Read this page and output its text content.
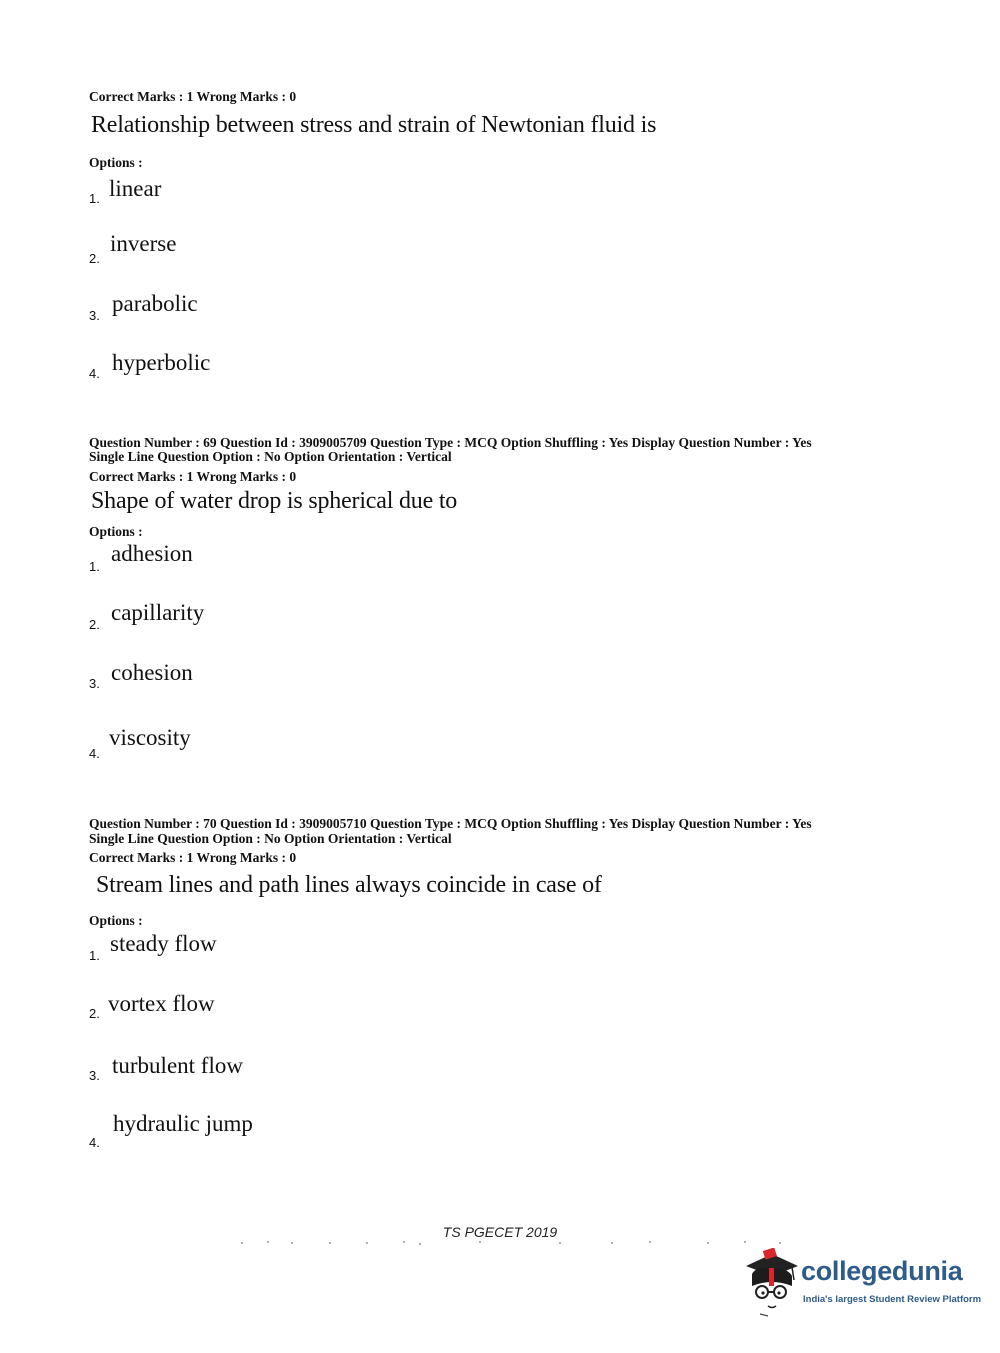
Correct Marks : 1 Wrong Marks : 0
Relationship between stress and strain of Newtonian fluid is
Options :
1. linear
2.
inverse
3. parabolic
4. hyperbolic
Question Number : 69 Question Id : 3909005709 Question Type : MCQ Option Shuffling : Yes Display Question Number : Yes
Single Line Question Option : No Option Orientation : Vertical
Correct Marks : 1 Wrong Marks : 0
Shape of water drop is spherical due to
Options :
1.
adhesion
2. capillarity
3. cohesion
4.
viscosity
Question Number : 70 Question Id : 3909005710 Question Type : MCQ Option Shuffling : Yes Display Question Number : Yes
Single Line Question Option : No Option Orientation : Vertical
Correct Marks : 1 Wrong Marks : 0
Stream lines and path lines always coincide in case of
Options :
1. steady flow
2. vortex flow
3. turbulent flow
4.
hydraulic jump
TS PGECET 2019
collegedunia
India's largest Student Review Platform
